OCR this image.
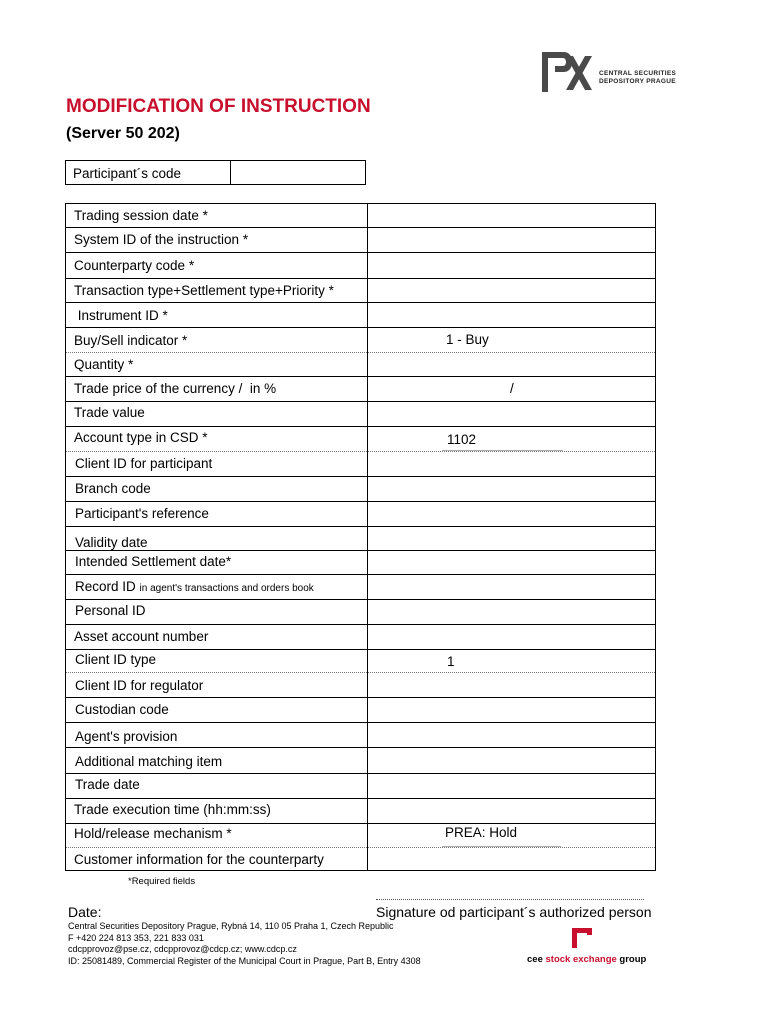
CENTRAL SECURITIES
DEPOSITORY PRAGUE
MODIFICATION OF INSTRUCTION
(Server 50 202)
Participant´s code
Trading session date *
System ID of the instruction *
Counterparty code *
Transaction type+Settlement type+Priority *
Instrument ID *
Buy/Sell indicator *
Quantity *
Trade price of the currency /  in %
Trade value
Account type in CSD *
Client ID for participant
Branch code
Participant's reference
Validity date
Intended Settlement date*
Record ID in agent's transactions and orders book
Personal ID
Asset account number
Client ID type
Client ID for regulator
Custodian code
Agent's provision
Additional matching item
Trade date
Trade execution time (hh:mm:ss)
Hold/release mechanism *
Customer information for the counterparty
1 - Buy
/
1102
1
PREA: Hold
*Required fields
Date:	Signature od participant´s authorized person
Central Securities Depository Prague, Rybná 14, 110 05 Praha 1, Czech Republic
F +420 224 813 353, 221 833 031
cdcpprovoz@pse.cz, cdcpprovoz@cdcp.cz; www.cdcp.cz
ID: 25081489, Commercial Register of the Municipal Court in Prague, Part B, Entry 4308	cee stock exchange group
